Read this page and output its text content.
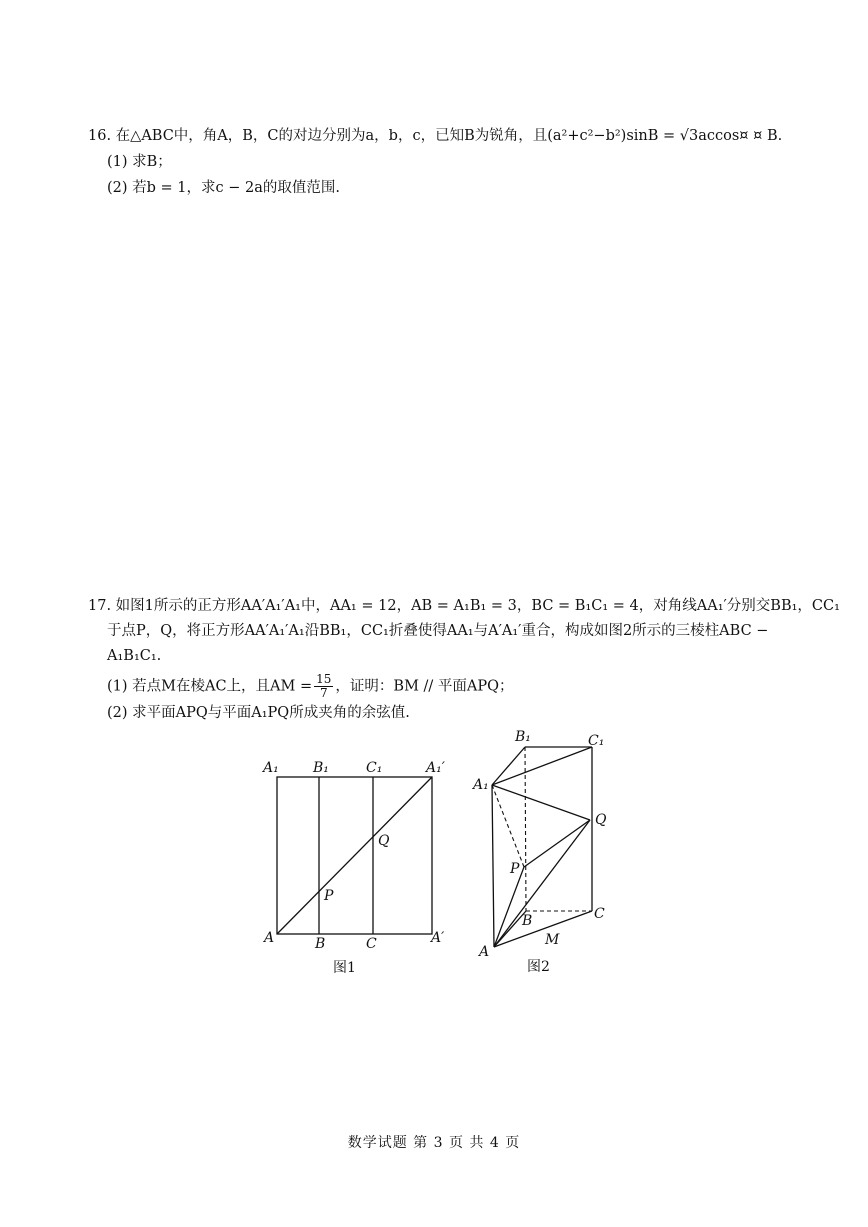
16. 在△ABC中，角A，B，C的对边分别为a，b，c，已知B为锐角，且(a²+c²−b²)sinB = √3accos¤ ¤ B.
(1) 求B；
(2) 若b = 1，求c − 2a的取值范围.
17. 如图1所示的正方形AA′A₁′A₁中，AA₁ = 12，AB = A₁B₁ = 3，BC = B₁C₁ = 4，对角线AA₁′分别交BB₁，CC₁
于点P，Q，将正方形AA′A₁′A₁沿BB₁，CC₁折叠使得AA₁与A′A₁′重合，构成如图2所示的三棱柱ABC −
A₁B₁C₁.
(1) 若点M在棱AC上，且AM = $\frac{15}{7}$ ，证明：BM // 平面APQ；
(2) 求平面APQ与平面A₁PQ所成夹角的余弦值.
A₁ B₁	C₁	A₁′
A	B	C	A′
P
Q
图1
B₁	C₁
A₁
Q
P
B	C
A
M
图2
数学试题 第 3 页 共 4 页
